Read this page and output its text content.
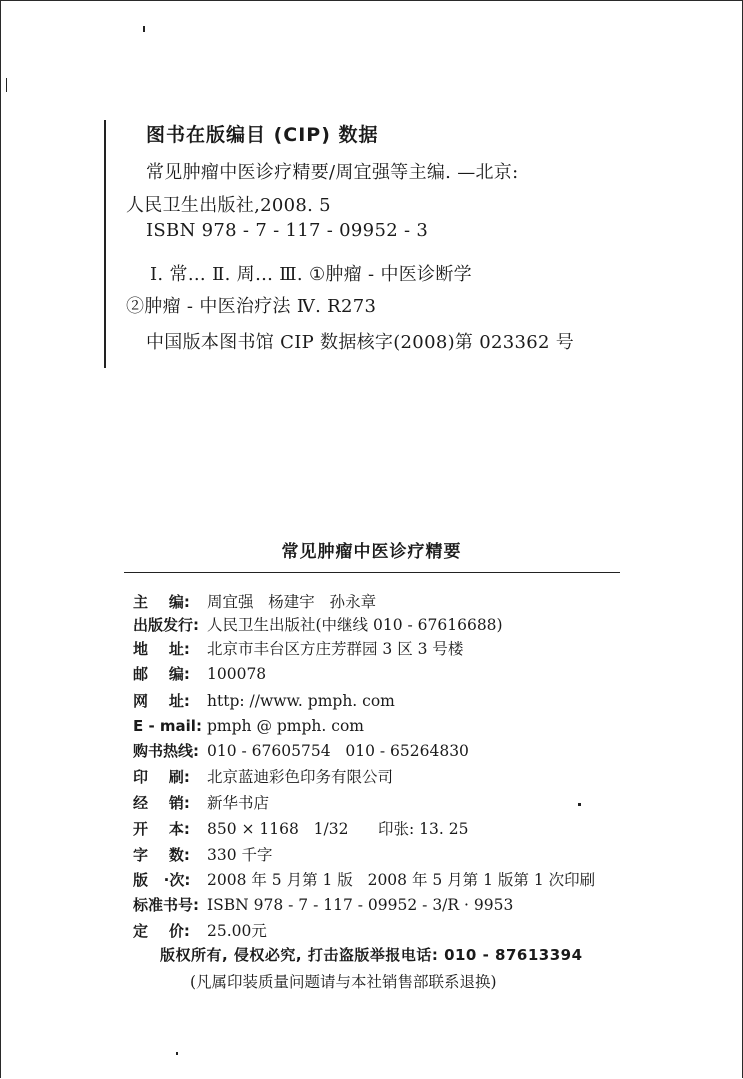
图书在版编目 (CIP) 数据
常见肿瘤中医诊疗精要/周宜强等主编. —北京:
人民卫生出版社,2008. 5
ISBN 978 - 7 - 117 - 09952 - 3
Ⅰ. 常… Ⅱ. 周… Ⅲ. ①肿瘤 - 中医诊断学
②肿瘤 - 中医治疗法 Ⅳ. R273
中国版本图书馆 CIP 数据核字(2008)第 023362 号
常见肿瘤中医诊疗精要
主    编: 周宜强   杨建宇   孙永章
出版发行: 人民卫生出版社(中继线 010 - 67616688)
地    址: 北京市丰台区方庄芳群园 3 区 3 号楼
邮    编: 100078
网    址: http: //www. pmph. com
E - mail: pmph @ pmph. com
购书热线: 010 - 67605754   010 - 65264830
印    刷: 北京蓝迪彩色印务有限公司
经    销: 新华书店
开    本: 850 × 1168   1/32      印张: 13. 25
字    数: 330 千字
版   ·次: 2008 年 5 月第 1 版   2008 年 5 月第 1 版第 1 次印刷
标准书号: ISBN 978 - 7 - 117 - 09952 - 3/R · 9953
定    价: 25.00元
版权所有, 侵权必究, 打击盗版举报电话: 010 - 87613394
(凡属印装质量问题请与本社销售部联系退换)
